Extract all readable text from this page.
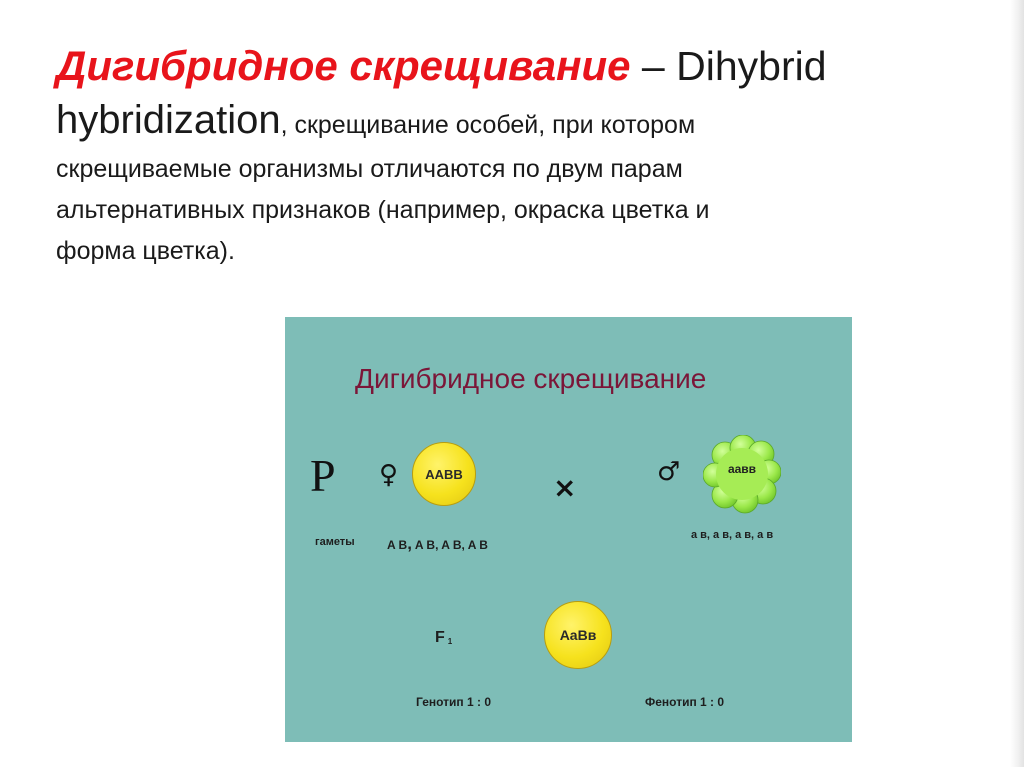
Дигибридное скрещивание – Dihybrid
hybridization, скрещивание особей, при котором
скрещиваемые организмы отличаются по двум парам
альтернативных признаков (например, окраска цветка и
форма цветка).
Дигибридное скрещивание
P ♀ AABB	×	♂	aaвв
гаметы	A B, A B, A B, A B
a в, a в, a в, a в
F 1	AaBв
Генотип 1 : 0	Фенотип 1 : 0
